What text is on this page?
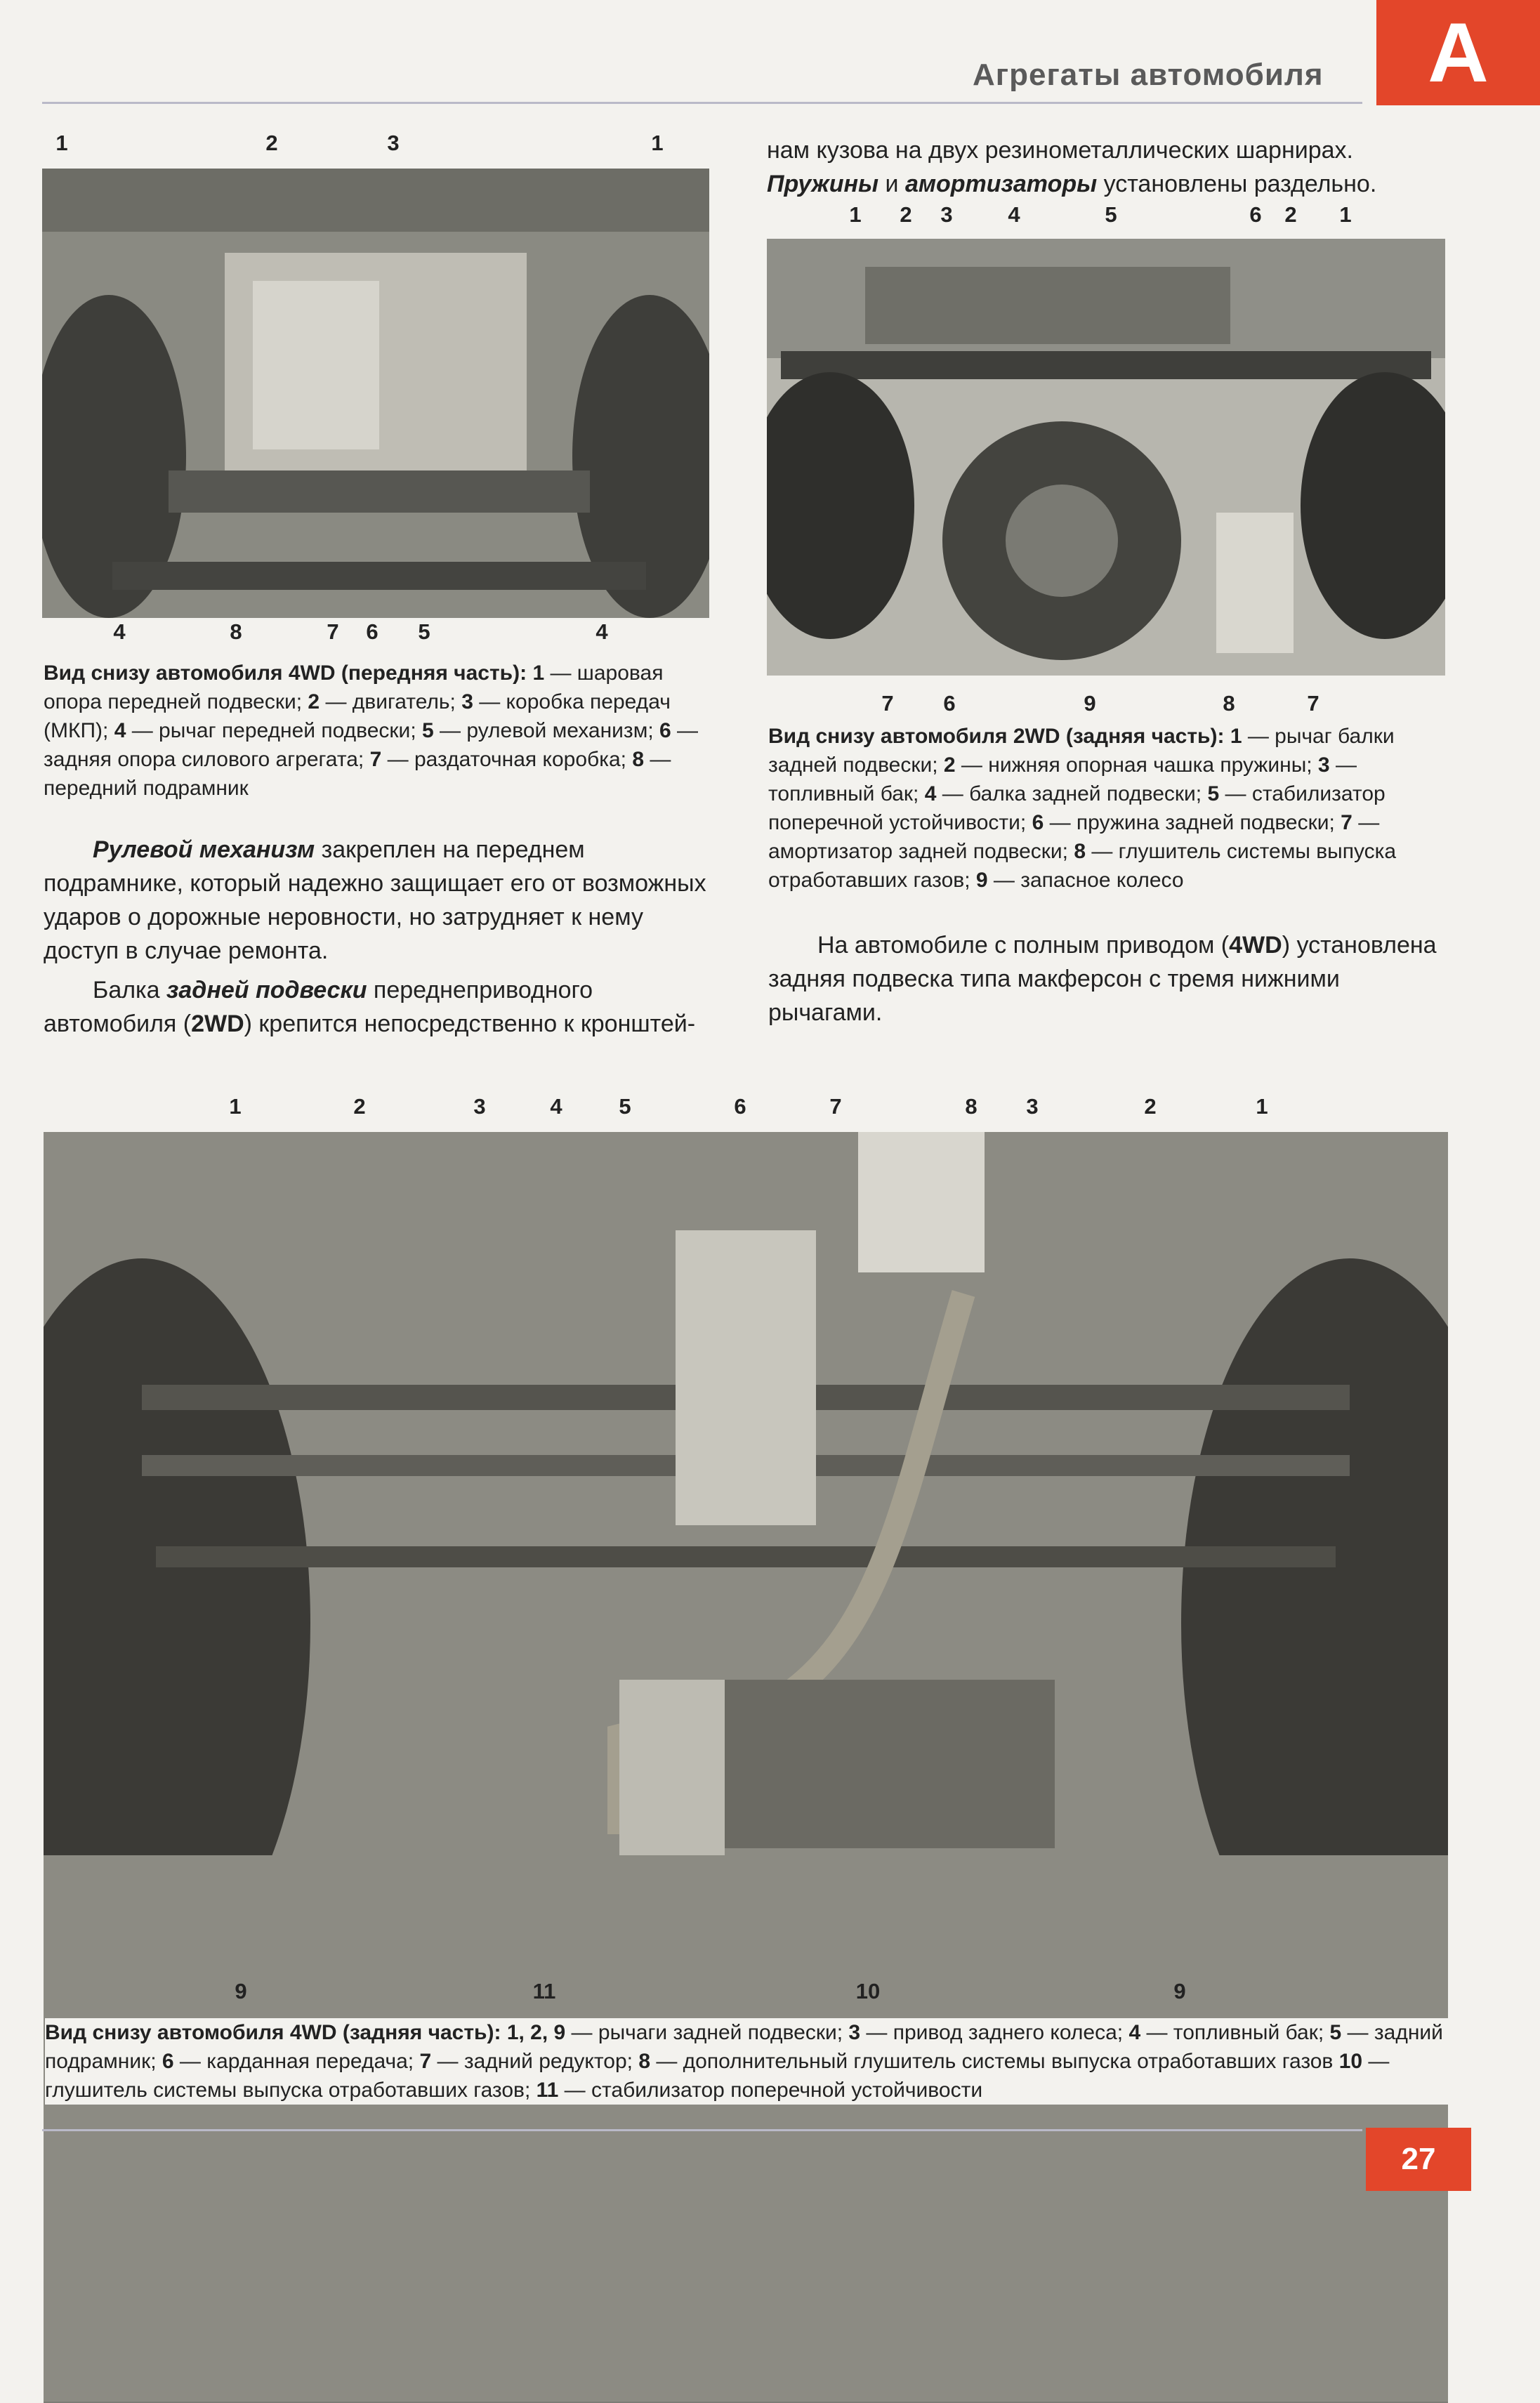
Агрегаты автомобиля	A
1	2	3	1
4	8	7	6	5	4
Вид снизу автомобиля 4WD (передняя часть): 1 — шаровая опора передней подвески; 2 — двигатель; 3 — коробка передач (МКП); 4 — рычаг передней подвески; 5 — рулевой механизм; 6 — задняя опора силового агрегата; 7 — раздаточная коробка; 8 — передний подрамник

Рулевой механизм закреплен на переднем подрамнике, который надежно защищает его от возможных ударов о дорожные неровности, но затрудняет к нему доступ в случае ремонта.

Балка задней подвески переднеприводного автомобиля (2WD) крепится непосредственно к кронштей-

нам кузова на двух резинометаллических шарнирах.
Пружины и амортизаторы установлены раздельно.
1	2	3	4	5	6	2	1
7	6	9	8	7
Вид снизу автомобиля 2WD (задняя часть): 1 — рычаг балки задней подвески; 2 — нижняя опорная чашка пружины; 3 — топливный бак; 4 — балка задней подвески; 5 — стабилизатор поперечной устойчивости; 6 — пружина задней подвески; 7 — амортизатор задней подвески; 8 — глушитель системы выпуска отработавших газов; 9 — запасное колесо

На автомобиле с полным приводом (4WD) установлена задняя подвеска типа макферсон с тремя нижними рычагами.

1	2	3	4	5	6	7	8	3	2	1
9	11	10	9
Вид снизу автомобиля 4WD (задняя часть): 1, 2, 9 — рычаги задней подвески; 3 — привод заднего колеса; 4 — топливный бак; 5 — задний подрамник; 6 — карданная передача; 7 — задний редуктор; 8 — дополнительный глушитель системы выпуска отработавших газов 10 — глушитель системы выпуска отработавших газов; 11 — стабилизатор поперечной устойчивости
27
